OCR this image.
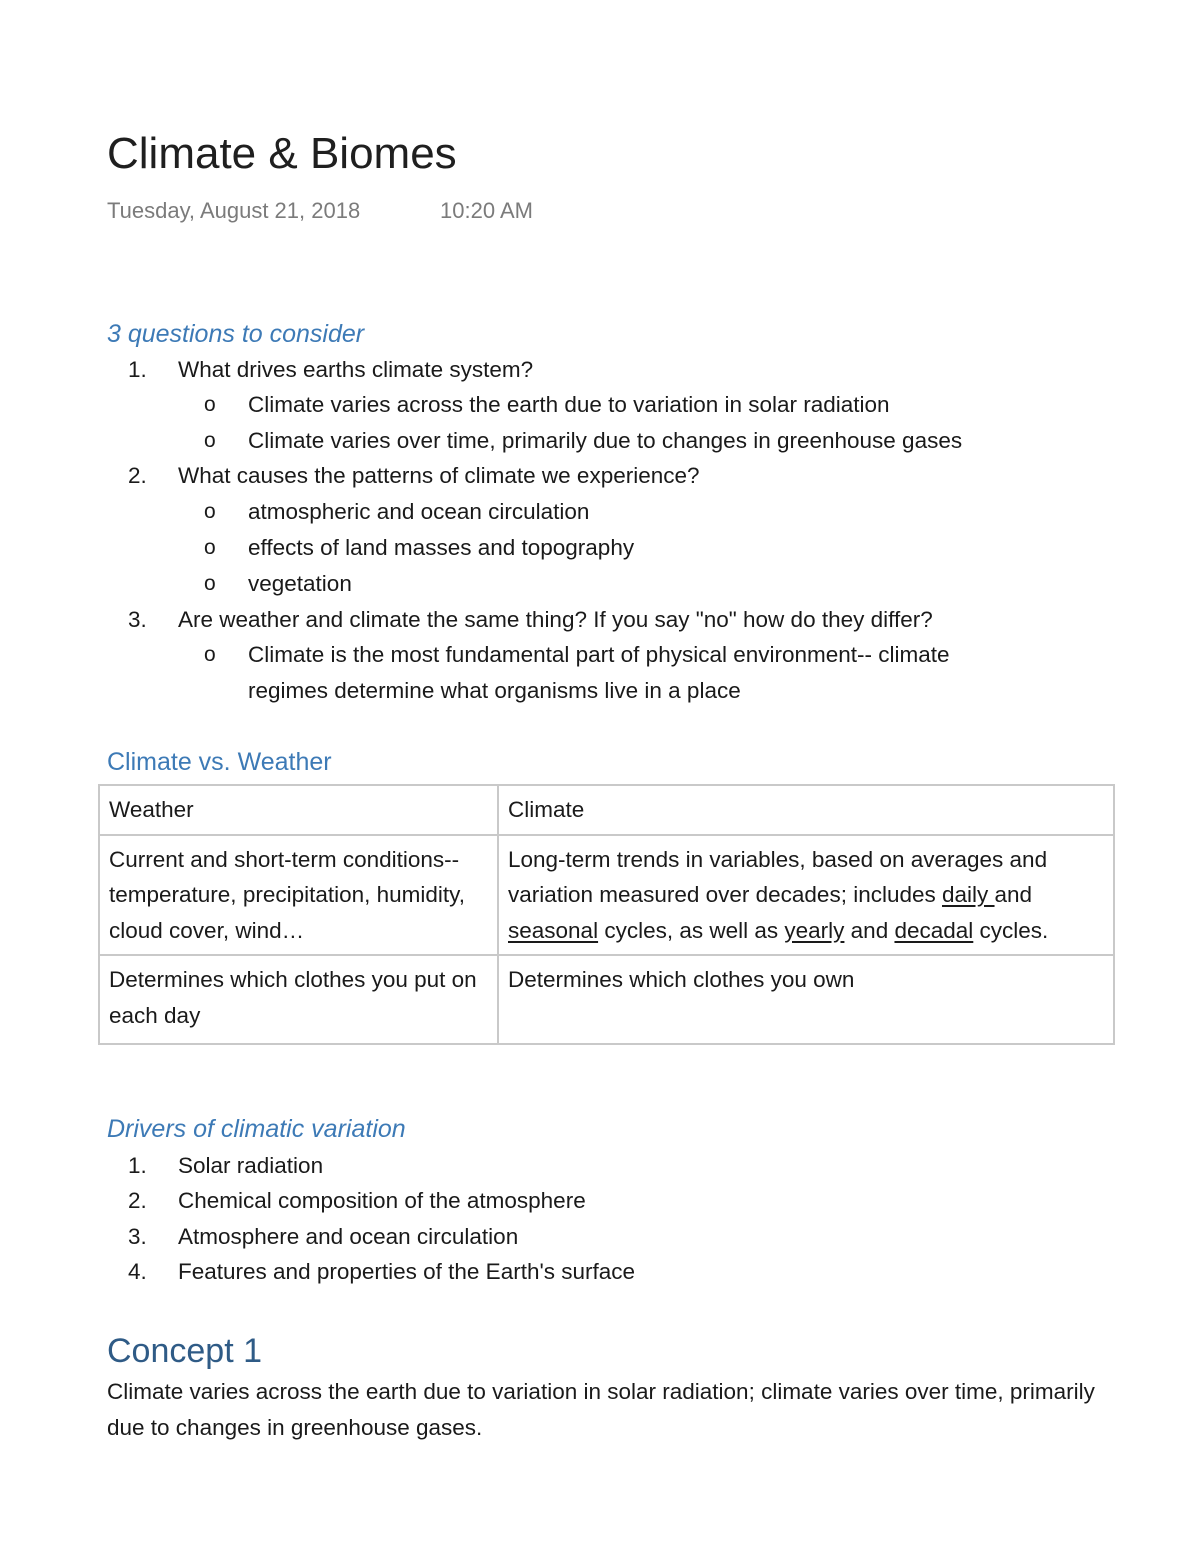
Climate & Biomes
Tuesday, August 21, 2018	10:20 AM
3 questions to consider
1. What drives earths climate system?
o Climate varies across the earth due to variation in solar radiation
o Climate varies over time, primarily due to changes in greenhouse gases
2. What causes the patterns of climate we experience?
o atmospheric and ocean circulation
o effects of land masses and topography
o vegetation
3. Are weather and climate the same thing? If you say "no" how do they differ?
o Climate is the most fundamental part of physical environment-- climate
regimes determine what organisms live in a place
Climate vs. Weather
Weather	Climate
Current and short-term conditions-- temperature, precipitation, humidity, cloud cover, wind…	Long-term trends in variables, based on averages and variation measured over decades; includes daily and seasonal cycles, as well as yearly and decadal cycles.
Determines which clothes you put on each day	Determines which clothes you own
Drivers of climatic variation
1. Solar radiation
2. Chemical composition of the atmosphere
3. Atmosphere and ocean circulation
4. Features and properties of the Earth's surface
Concept 1
Climate varies across the earth due to variation in solar radiation; climate varies over time, primarily due to changes in greenhouse gases.
